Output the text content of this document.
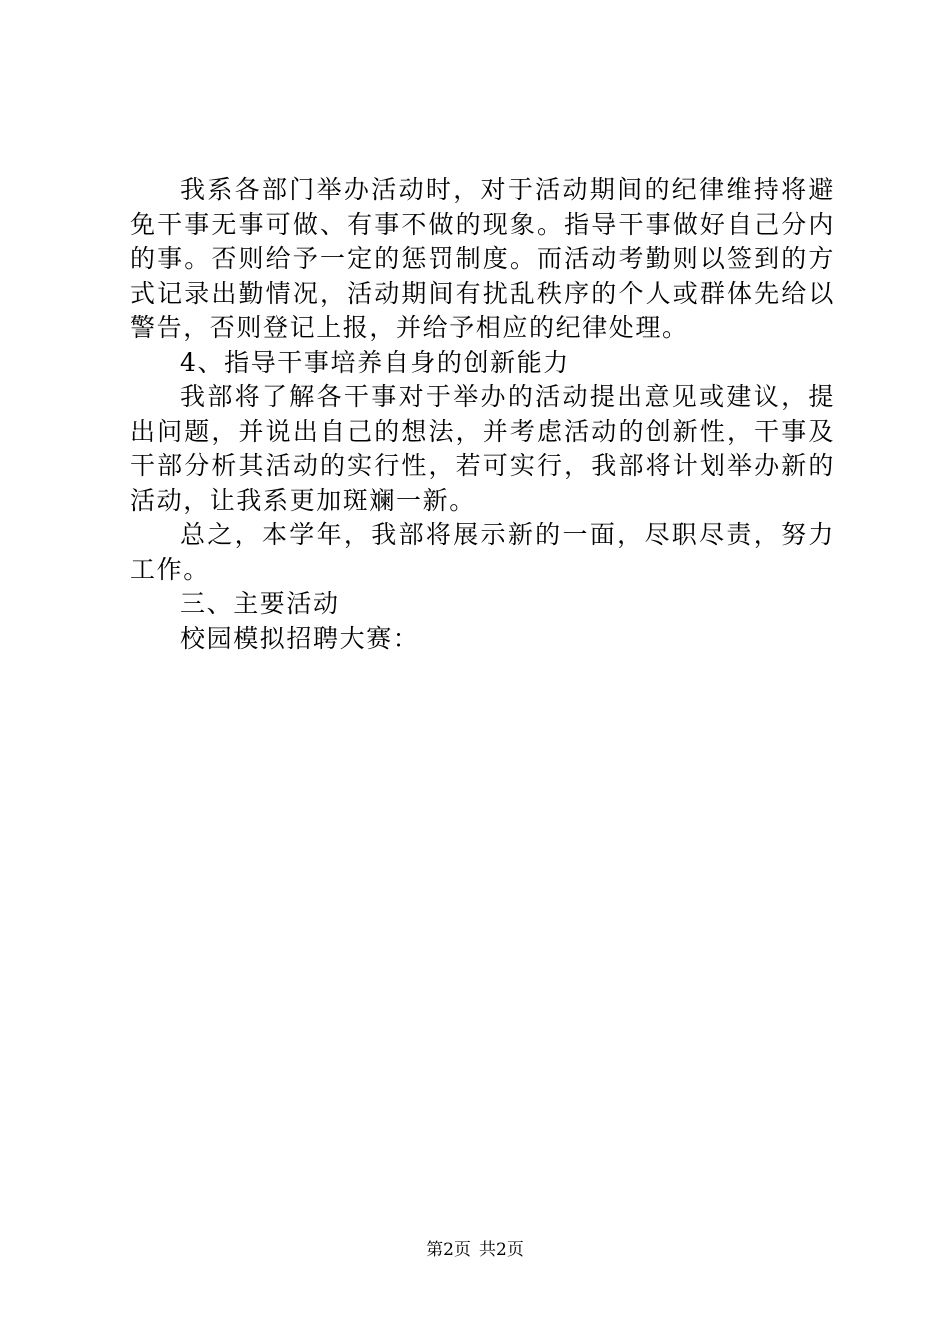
我系各部门举办活动时，对于活动期间的纪律维持将避免干事无事可做、有事不做的现象。指导干事做好自己分内的事。否则给予一定的惩罚制度。而活动考勤则以签到的方式记录出勤情况，活动期间有扰乱秩序的个人或群体先给以警告，否则登记上报，并给予相应的纪律处理。

4、指导干事培养自身的创新能力

我部将了解各干事对于举办的活动提出意见或建议，提出问题，并说出自己的想法，并考虑活动的创新性，干事及干部分析其活动的实行性，若可实行，我部将计划举办新的活动，让我系更加斑斓一新。

总之，本学年，我部将展示新的一面，尽职尽责，努力工作。

三、主要活动

校园模拟招聘大赛：

第2页 共2页
